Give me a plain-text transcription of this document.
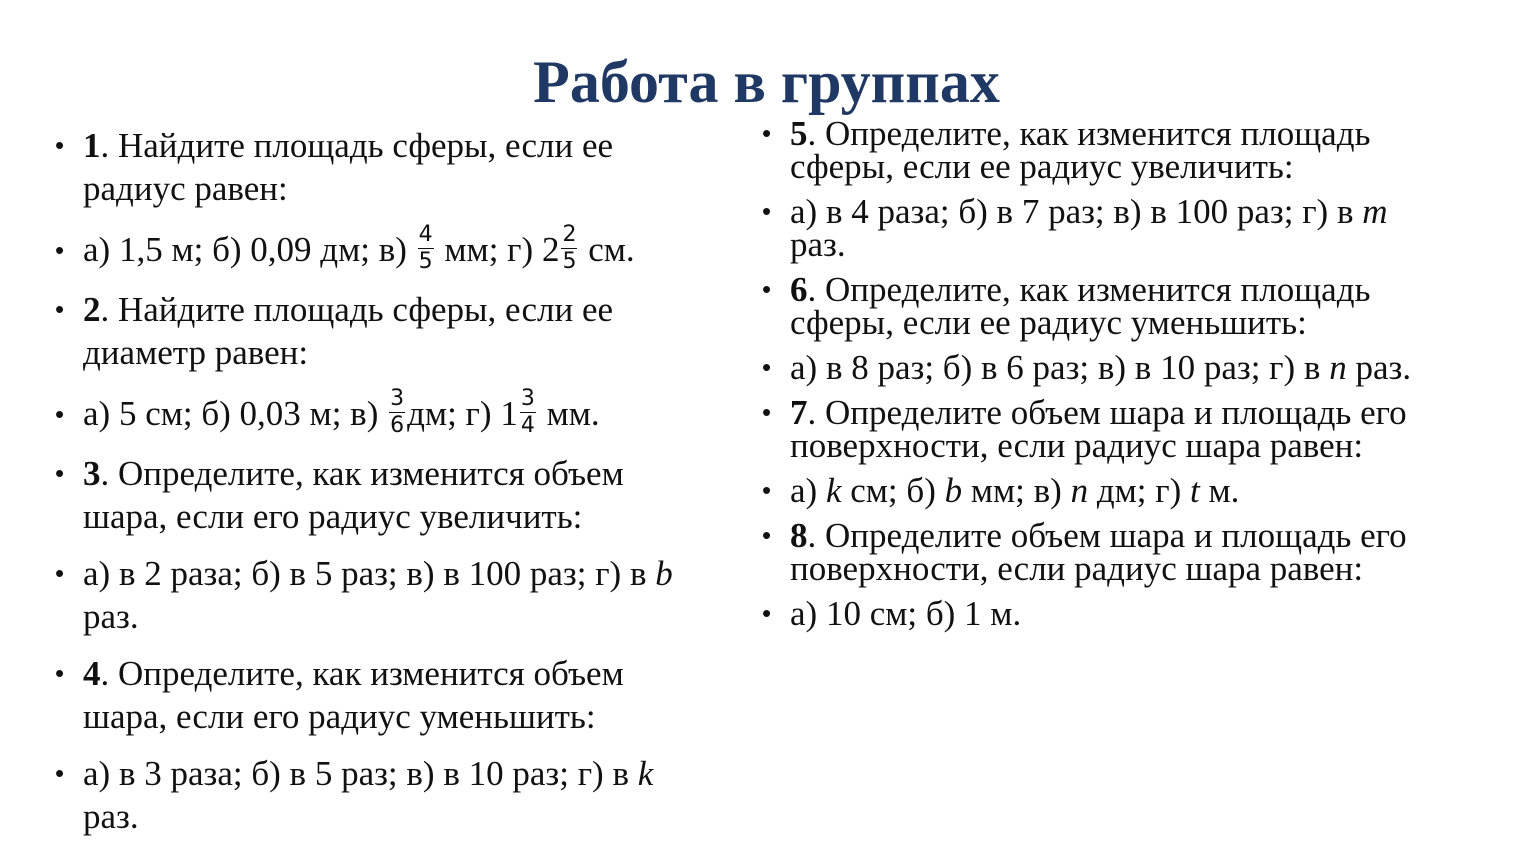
Работа в группах
• 1. Найдите площадь сферы, если ее радиус равен:
• а) 1,5 м; б) 0,09 дм; $в) \frac{4}{5}$ мм; г) $2 \frac{2}{5}$ см.
• 2. Найдите площадь сферы, если ее диаметр равен:
• а) 5 см; б) 0,03 м; $в) \frac{3}{6}$ дм; г) $1 \frac{3}{4}$ мм.
• 3. Определите, как изменится объем шара, если его радиус увеличить:
• а) в 2 раза; б) в 5 раз; в) в 100 раз; г) в b раз.
• 4. Определите, как изменится объем шара, если его радиус уменьшить:
• а) в 3 раза; б) в 5 раз; в) в 10 раз; г) в k раз.
• 5. Определите, как изменится площадь сферы, если ее радиус увеличить:
• а) в 4 раза; б) в 7 раз; в) в 100 раз; г) в m раз.
• 6. Определите, как изменится площадь сферы, если ее радиус уменьшить:
• а) в 8 раз; б) в 6 раз; в) в 10 раз; г) в n раз.
• 7. Определите объем шара и площадь его поверхности, если радиус шара равен:
• а) k см; б) b мм; в) n дм; г) t м.
• 8. Определите объем шара и площадь его поверхности, если радиус шара равен:
• а) 10 см; б) 1 м.
